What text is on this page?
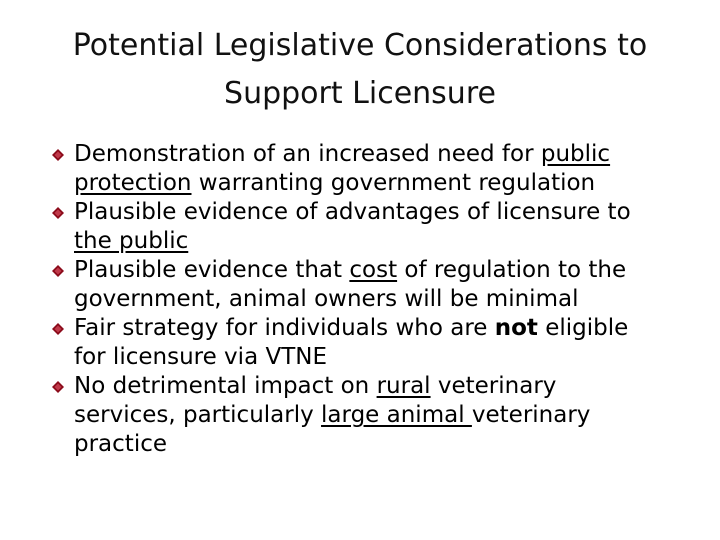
Potential Legislative Considerations to
Support Licensure
Demonstration of an increased need for public protection warranting government regulation
Plausible evidence of advantages of licensure to the public
Plausible evidence that cost of regulation to the government, animal owners will be minimal
Fair strategy for individuals who are not eligible for licensure via VTNE
No detrimental impact on rural veterinary services, particularly large animal veterinary practice
